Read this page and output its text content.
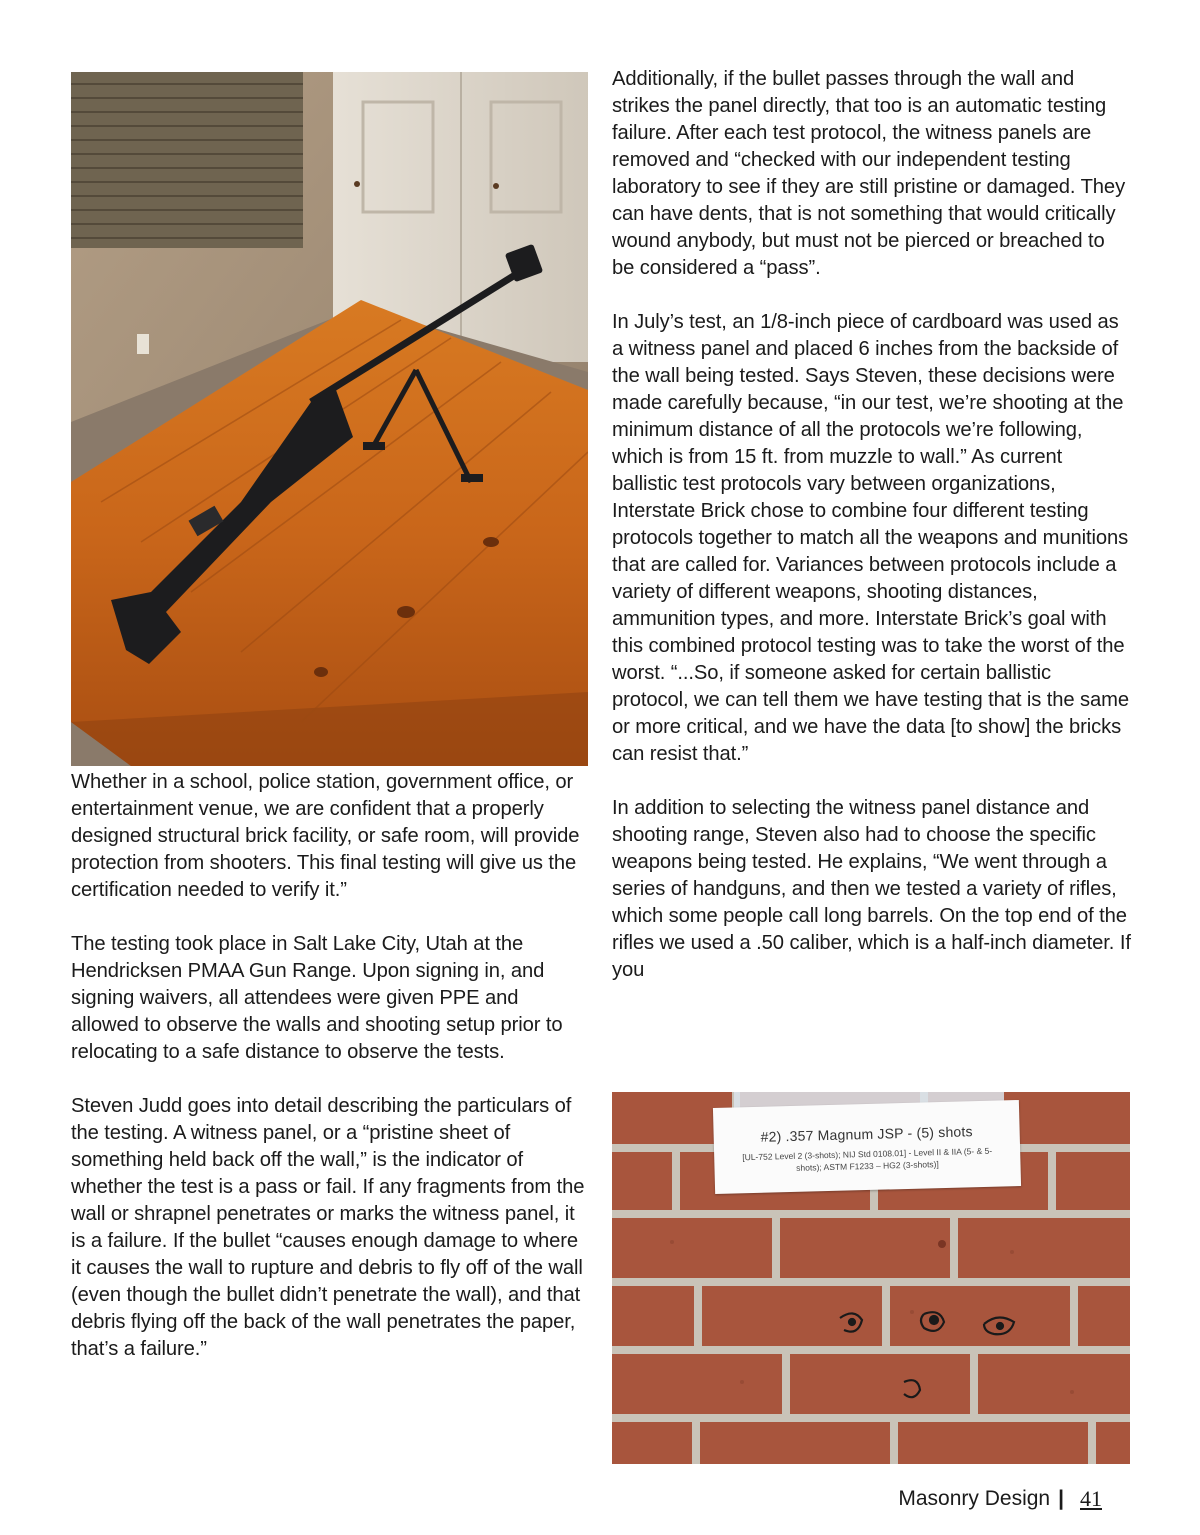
Whether in a school, police station, government office, or entertainment venue, we are confident that a properly designed structural brick facility, or safe room, will provide protection from shooters. This final testing will give us the certification needed to verify it.”

The testing took place in Salt Lake City, Utah at the Hendricksen PMAA Gun Range. Upon signing in, and signing waivers, all attendees were given PPE and allowed to observe the walls and shooting setup prior to relocating to a safe distance to observe the tests.

Steven Judd goes into detail describing the particulars of the testing. A witness panel, or a “pristine sheet of something held back off the wall,” is the indicator of whether the test is a pass or fail. If any fragments from the wall or shrapnel penetrates or marks the witness panel, it is a failure. If the bullet “causes enough damage to where it causes the wall to rupture and debris to fly off of the wall (even though the bullet didn’t penetrate the wall), and that debris flying off the back of the wall penetrates the paper, that’s a failure.”

Additionally, if the bullet passes through the wall and strikes the panel directly, that too is an automatic testing failure. After each test protocol, the witness panels are removed and “checked with our independent testing laboratory to see if they are still pristine or damaged. They can have dents, that is not something that would critically wound anybody, but must not be pierced or breached to be considered a “pass”.

In July’s test, an 1/8-inch piece of cardboard was used as a witness panel and placed 6 inches from the backside of the wall being tested. Says Steven, these decisions were made carefully because, “in our test, we’re shooting at the minimum distance of all the protocols we’re following, which is from 15 ft. from muzzle to wall.” As current ballistic test protocols vary between organizations, Interstate Brick chose to combine four different testing protocols together to match all the weapons and munitions that are called for. Variances between protocols include a variety of different weapons, shooting distances, ammunition types, and more. Interstate Brick’s goal with this combined protocol testing was to take the worst of the worst. “...So, if someone asked for certain ballistic protocol, we can tell them we have testing that is the same or more critical, and we have the data [to show] the bricks can resist that.”

In addition to selecting the witness panel distance and shooting range, Steven also had to choose the specific weapons being tested. He explains, “We went through a series of handguns, and then we tested a variety of rifles, which some people call long barrels. On the top end of the rifles we used a .50 caliber, which is a half-inch diameter. If you

#2) .357 Magnum JSP - (5) shots
[UL-752 Level 2 (3-shots); NIJ Std 0108.01] - Level II & IIA (5- & 5-shots); ASTM F1233 – HG2 (3-shots)]
Masonry Design | 41
